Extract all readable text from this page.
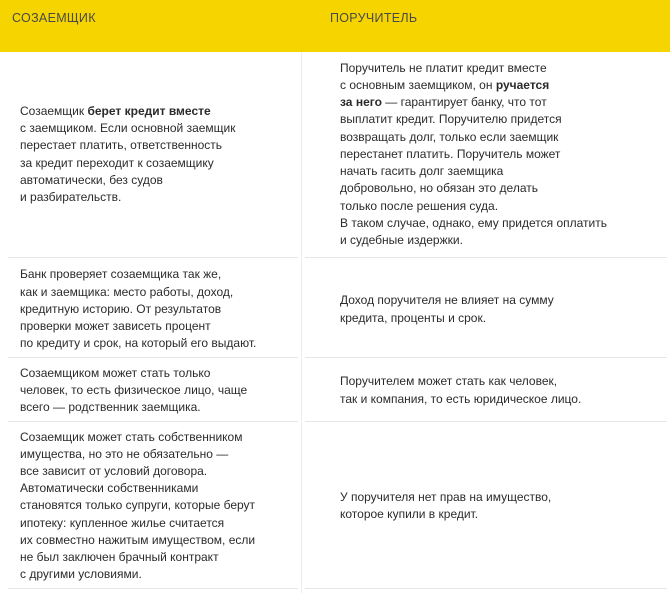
СОЗАЕМЩИК	ПОРУЧИТЕЛЬ
Созаемщик берет кредит вместе
с заемщиком. Если основной заемщик
перестает платить, ответственность
за кредит переходит к созаемщику
автоматически, без судов
и разбирательств.
Поручитель не платит кредит вместе
с основным заемщиком, он ручается
за него — гарантирует банку, что тот
выплатит кредит. Поручителю придется
возвращать долг, только если заемщик
перестанет платить. Поручитель может
начать гасить долг заемщика
добровольно, но обязан это делать
только после решения суда.
В таком случае, однако, ему придется оплатить
и судебные издержки.
Банк проверяет созаемщика так же,
как и заемщика: место работы, доход,
кредитную историю. От результатов
проверки может зависеть процент
по кредиту и срок, на который его выдают.
Доход поручителя не влияет на сумму
кредита, проценты и срок.
Созаемщиком может стать только
человек, то есть физическое лицо, чаще
всего — родственник заемщика.
Поручителем может стать как человек,
так и компания, то есть юридическое лицо.
Созаемщик может стать собственником
имущества, но это не обязательно —
все зависит от условий договора.
Автоматически собственниками
становятся только супруги, которые берут
ипотеку: купленное жилье считается
их совместно нажитым имуществом, если
не был заключен брачный контракт
с другими условиями.
У поручителя нет прав на имущество,
которое купили в кредит.
